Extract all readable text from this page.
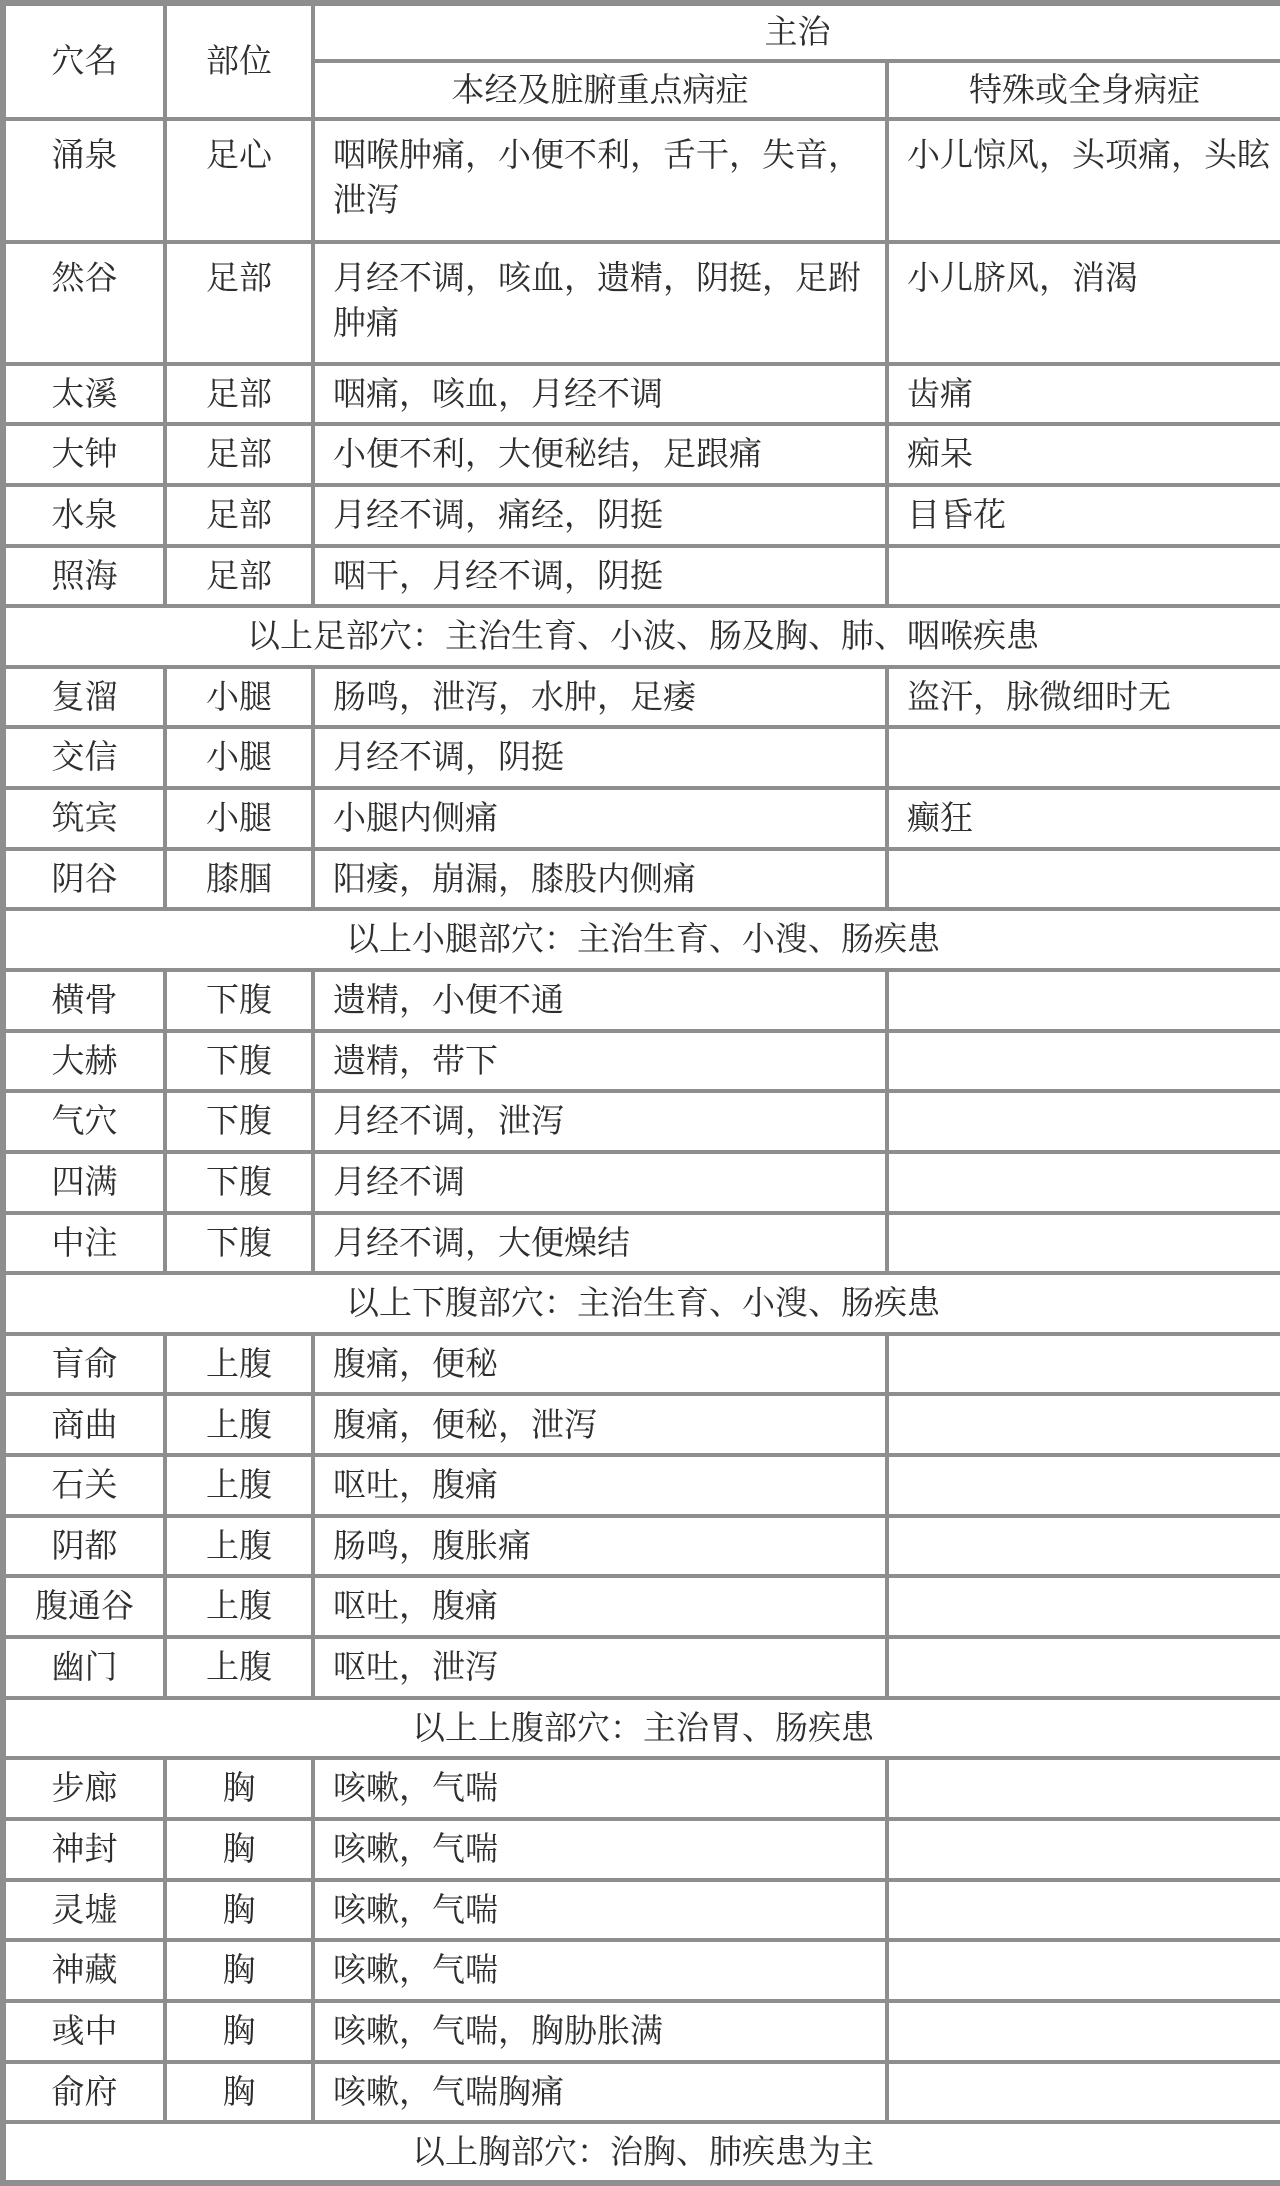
穴名	部位	主治	
		本经及脏腑重点病症	特殊或全身病症
涌泉	足心	咽喉肿痛，小便不利，舌干，失音，泄泻	小儿惊风，头项痛，头眩
然谷	足部	月经不调，咳血，遗精，阴挺，足跗肿痛	小儿脐风，消渴
太溪	足部	咽痛，咳血，月经不调	齿痛
大钟	足部	小便不利，大便秘结，足跟痛	痴呆
水泉	足部	月经不调，痛经，阴挺	目昏花
照海	足部	咽干，月经不调，阴挺	
以上足部穴：主治生育、小波、肠及胸、肺、咽喉疾患			
复溜	小腿	肠鸣，泄泻，水肿，足痿	盗汗，脉微细时无
交信	小腿	月经不调，阴挺	
筑宾	小腿	小腿内侧痛	癫狂
阴谷	膝腘	阳痿，崩漏，膝股内侧痛	
以上小腿部穴：主治生育、小溲、肠疾患			
横骨	下腹	遗精，小便不通	
大赫	下腹	遗精，带下	
气穴	下腹	月经不调，泄泻	
四满	下腹	月经不调	
中注	下腹	月经不调，大便燥结	
以上下腹部穴：主治生育、小溲、肠疾患			
肓俞	上腹	腹痛，便秘	
商曲	上腹	腹痛，便秘，泄泻	
石关	上腹	呕吐，腹痛	
阴都	上腹	肠鸣，腹胀痛	
腹通谷	上腹	呕吐，腹痛	
幽门	上腹	呕吐，泄泻	
以上上腹部穴：主治胃、肠疾患			
步廊	胸	咳嗽，气喘	
神封	胸	咳嗽，气喘	
灵墟	胸	咳嗽，气喘	
神藏	胸	咳嗽，气喘	
彧中	胸	咳嗽，气喘，胸胁胀满	
俞府	胸	咳嗽，气喘胸痛	
以上胸部穴：治胸、肺疾患为主			
